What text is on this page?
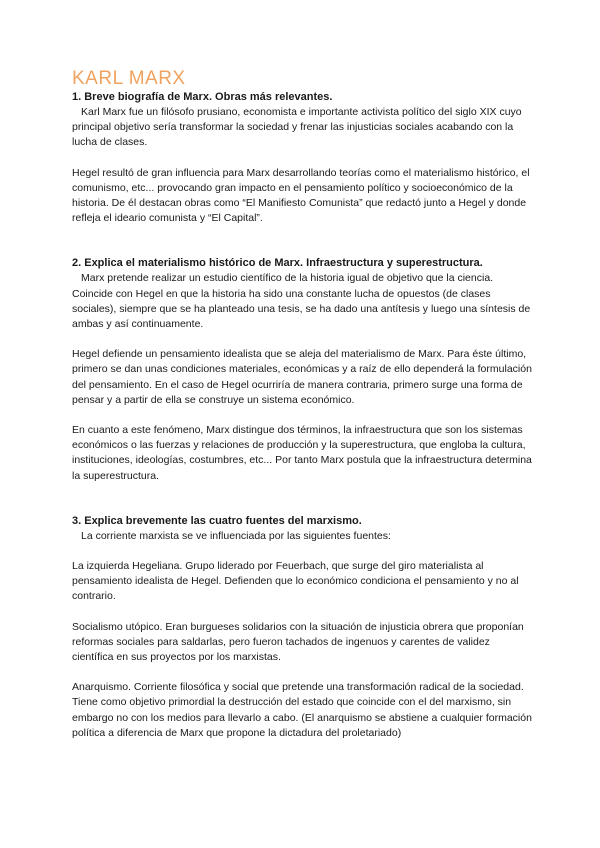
KARL MARX
1. Breve biografía de Marx. Obras más relevantes.

Karl Marx fue un filósofo prusiano, economista e importante activista político del siglo XIX cuyo principal objetivo sería transformar la sociedad y frenar las injusticias sociales acabando con la lucha de clases.

Hegel resultó de gran influencia para Marx desarrollando teorías como el materialismo histórico, el comunismo, etc... provocando gran impacto en el pensamiento político y socioeconómico de la historia. De él destacan obras como “El Manifiesto Comunista” que redactó junto a Hegel y donde refleja el ideario comunista y “El Capital”.

2. Explica el materialismo histórico de Marx. Infraestructura y superestructura.

Marx pretende realizar un estudio científico de la historia igual de objetivo que la ciencia. Coincide con Hegel en que la historia ha sido una constante lucha de opuestos (de clases sociales), siempre que se ha planteado una tesis, se ha dado una antítesis y luego una síntesis de ambas y así continuamente.

Hegel defiende un pensamiento idealista que se aleja del materialismo de Marx. Para éste último, primero se dan unas condiciones materiales, económicas y a raíz de ello dependerá la formulación del pensamiento. En el caso de Hegel ocurriría de manera contraria, primero surge una forma de pensar y a partir de ella se construye un sistema económico.

En cuanto a este fenómeno, Marx distingue dos términos, la infraestructura que son los sistemas económicos o las fuerzas y relaciones de producción y la superestructura, que engloba la cultura, instituciones, ideologías, costumbres, etc... Por tanto Marx postula que la infraestructura determina la superestructura.

3. Explica brevemente las cuatro fuentes del marxismo.

La corriente marxista se ve influenciada por las siguientes fuentes:

La izquierda Hegeliana. Grupo liderado por Feuerbach, que surge del giro materialista al pensamiento idealista de Hegel. Defienden que lo económico condiciona el pensamiento y no al contrario.

Socialismo utópico. Eran burgueses solidarios con la situación de injusticia obrera que proponían reformas sociales para saldarlas, pero fueron tachados de ingenuos y carentes de validez científica en sus proyectos por los marxistas.

Anarquismo. Corriente filosófica y social que pretende una transformación radical de la sociedad. Tiene como objetivo primordial la destrucción del estado que coincide con el del marxismo, sin embargo no con los medios para llevarlo a cabo. (El anarquismo se abstiene a cualquier formación política a diferencia de Marx que propone la dictadura del proletariado)
